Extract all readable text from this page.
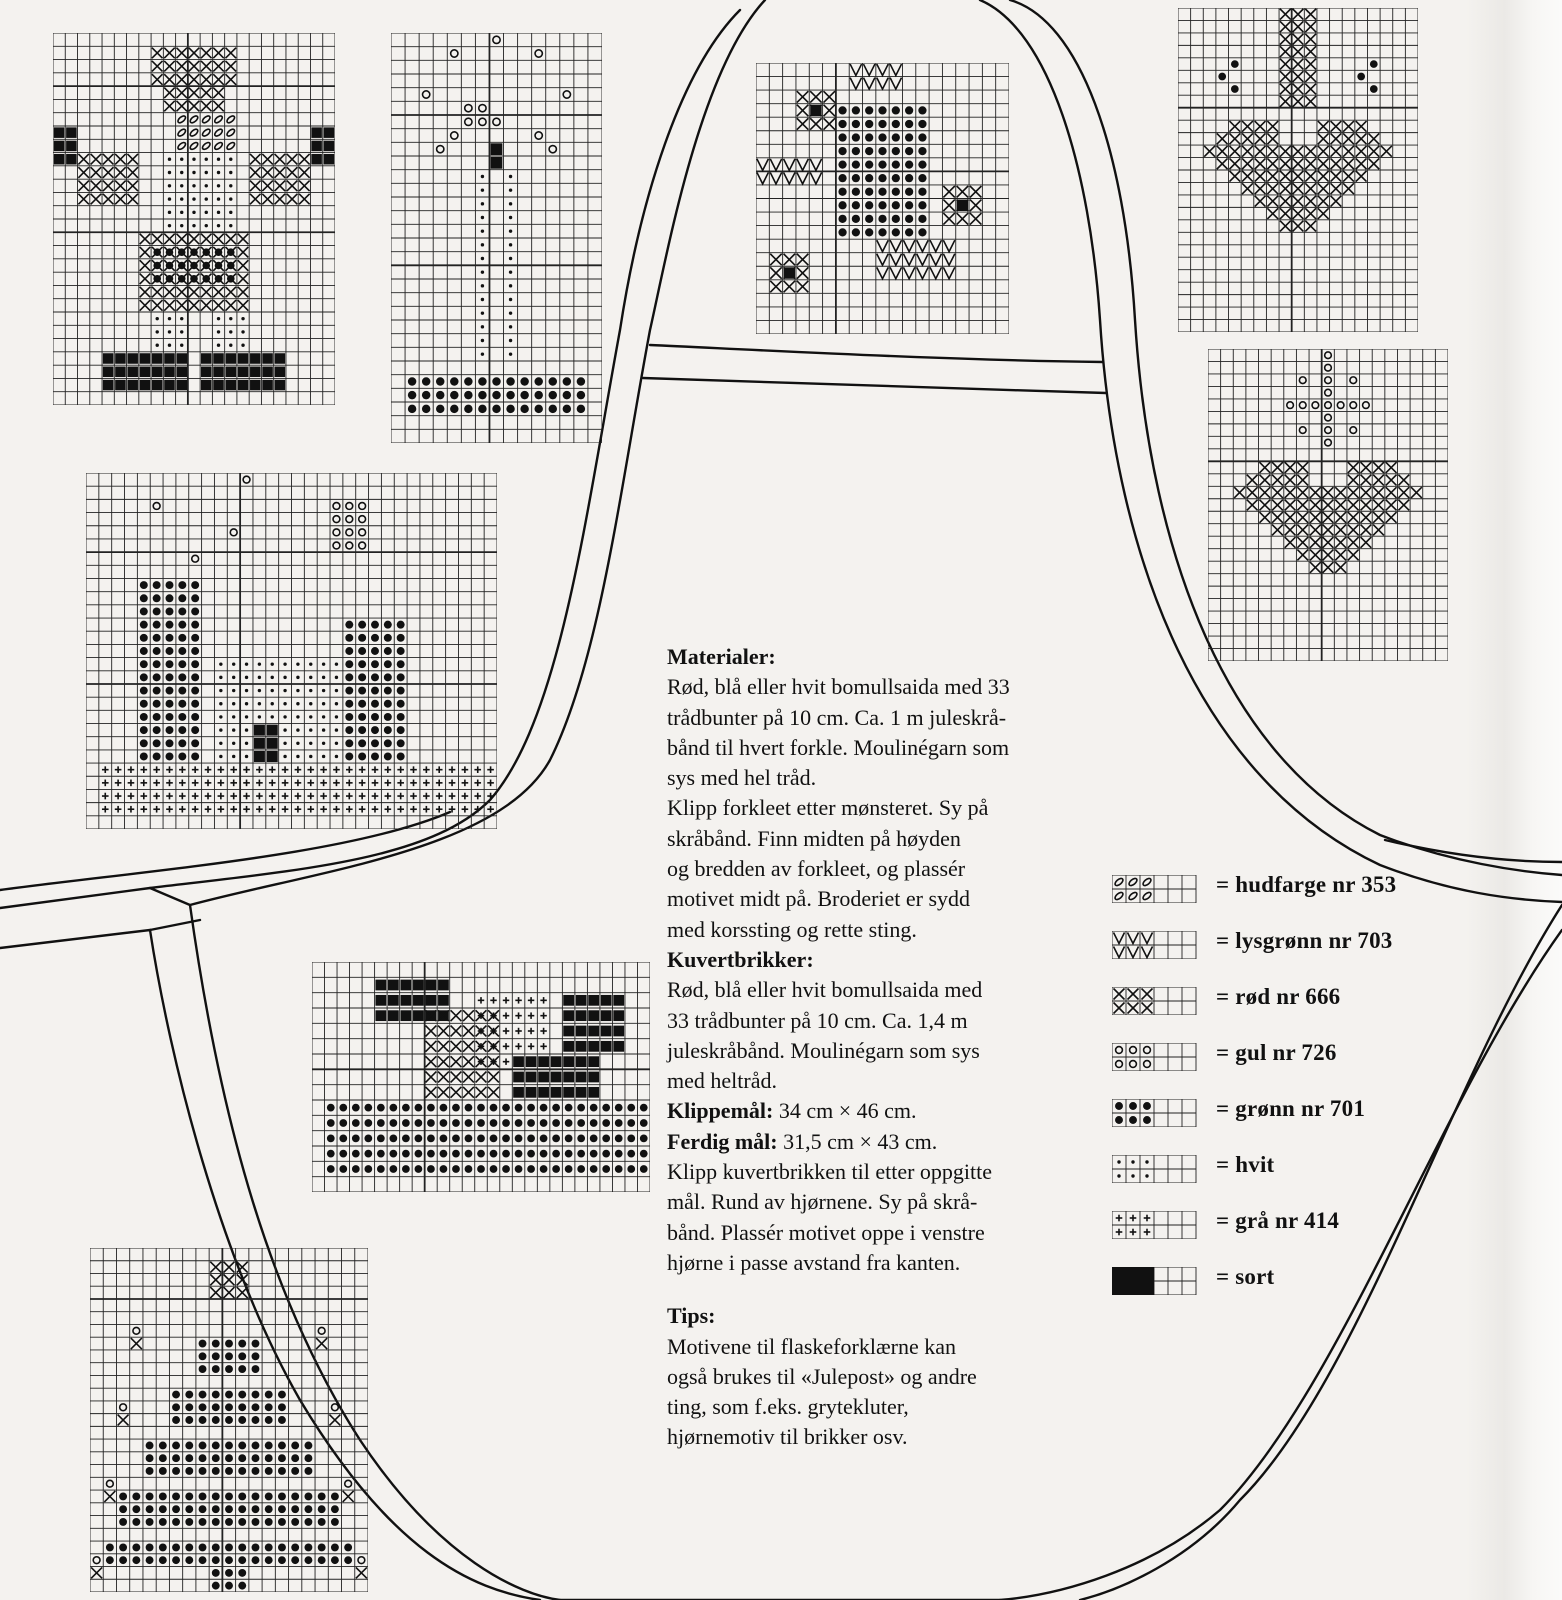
Materialer:

Rød, blå eller hvit bomullsaida med 33

trådbunter på 10 cm. Ca. 1 m juleskrå-

bånd til hvert forkle. Moulinégarn som

sys med hel tråd.

Klipp forkleet etter mønsteret. Sy på

skråbånd. Finn midten på høyden

og bredden av forkleet, og plassér

motivet midt på. Broderiet er sydd

med korssting og rette sting.

Kuvertbrikker:

Rød, blå eller hvit bomullsaida med

33 trådbunter på 10 cm. Ca. 1,4 m

juleskråbånd. Moulinégarn som sys

med heltråd.

Klippemål: 34 cm × 46 cm.

Ferdig mål: 31,5 cm × 43 cm.

Klipp kuvertbrikken til etter oppgitte

mål. Rund av hjørnene. Sy på skrå-

bånd. Plassér motivet oppe i venstre

hjørne i passe avstand fra kanten.

Tips:

Motivene til flaskeforklærne kan

også brukes til «Julepost» og andre

ting, som f.eks. grytekluter,

hjørnemotiv til brikker osv.

= hudfarge nr 353
= lysgrønn nr 703
= rød nr 666
= gul nr 726
= grønn nr 701
= hvit
= grå nr 414
= sort
